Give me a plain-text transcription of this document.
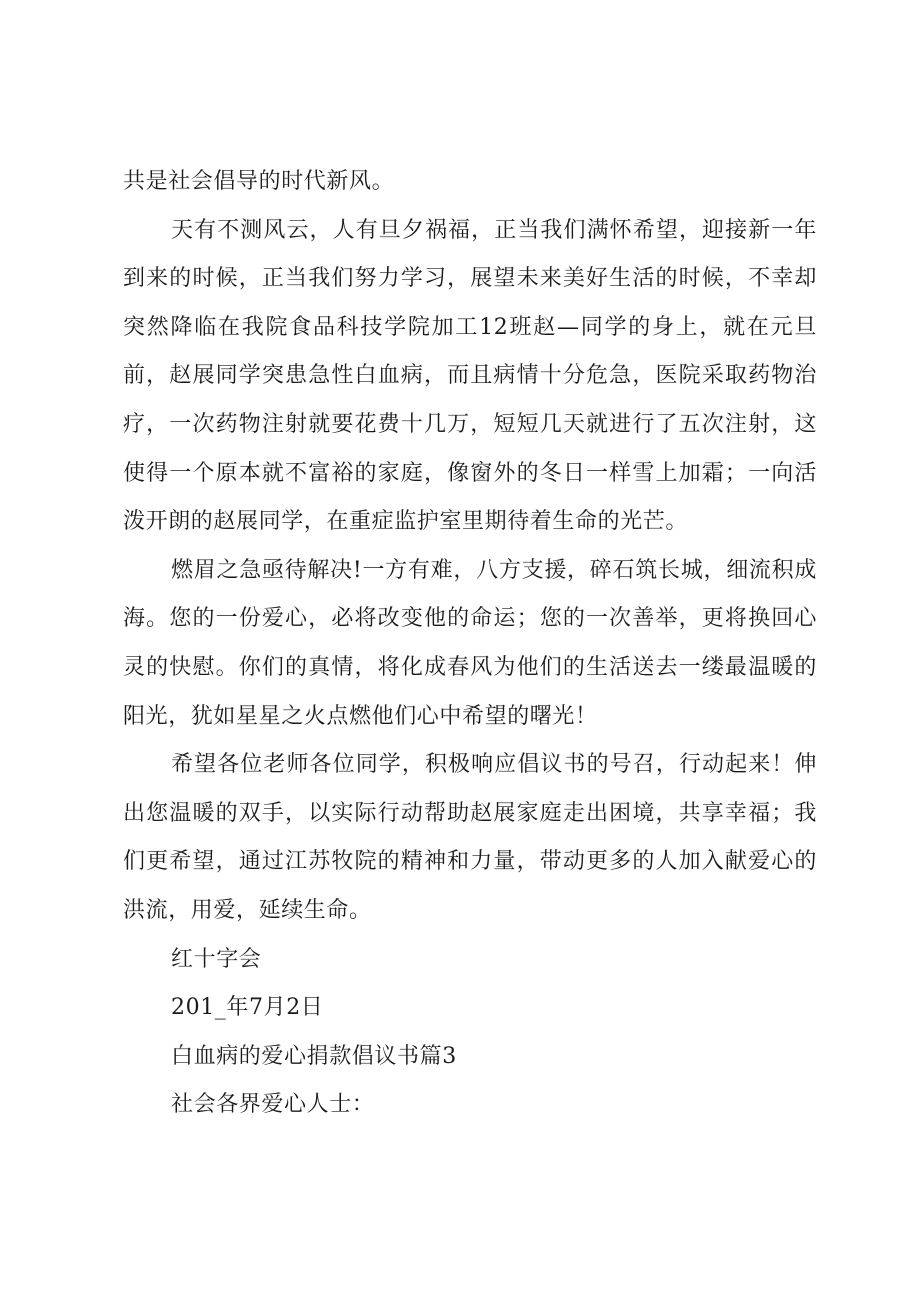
共是社会倡导的时代新风。

天有不测风云，人有旦夕祸福，正当我们满怀希望，迎接新一年到来的时候，正当我们努力学习，展望未来美好生活的时候，不幸却突然降临在我院食品科技学院加工12班赵—同学的身上，就在元旦前，赵展同学突患急性白血病，而且病情十分危急，医院采取药物治疗，一次药物注射就要花费十几万，短短几天就进行了五次注射，这使得一个原本就不富裕的家庭，像窗外的冬日一样雪上加霜；一向活泼开朗的赵展同学，在重症监护室里期待着生命的光芒。

燃眉之急亟待解决!一方有难，八方支援，碎石筑长城，细流积成海。您的一份爱心，必将改变他的命运；您的一次善举，更将换回心灵的快慰。你们的真情，将化成春风为他们的生活送去一缕最温暖的阳光，犹如星星之火点燃他们心中希望的曙光！

希望各位老师各位同学，积极响应倡议书的号召，行动起来！伸出您温暖的双手，以实际行动帮助赵展家庭走出困境，共享幸福；我们更希望，通过江苏牧院的精神和力量，带动更多的人加入献爱心的洪流，用爱，延续生命。

红十字会

201_年7月2日

白血病的爱心捐款倡议书篇3

社会各界爱心人士：
